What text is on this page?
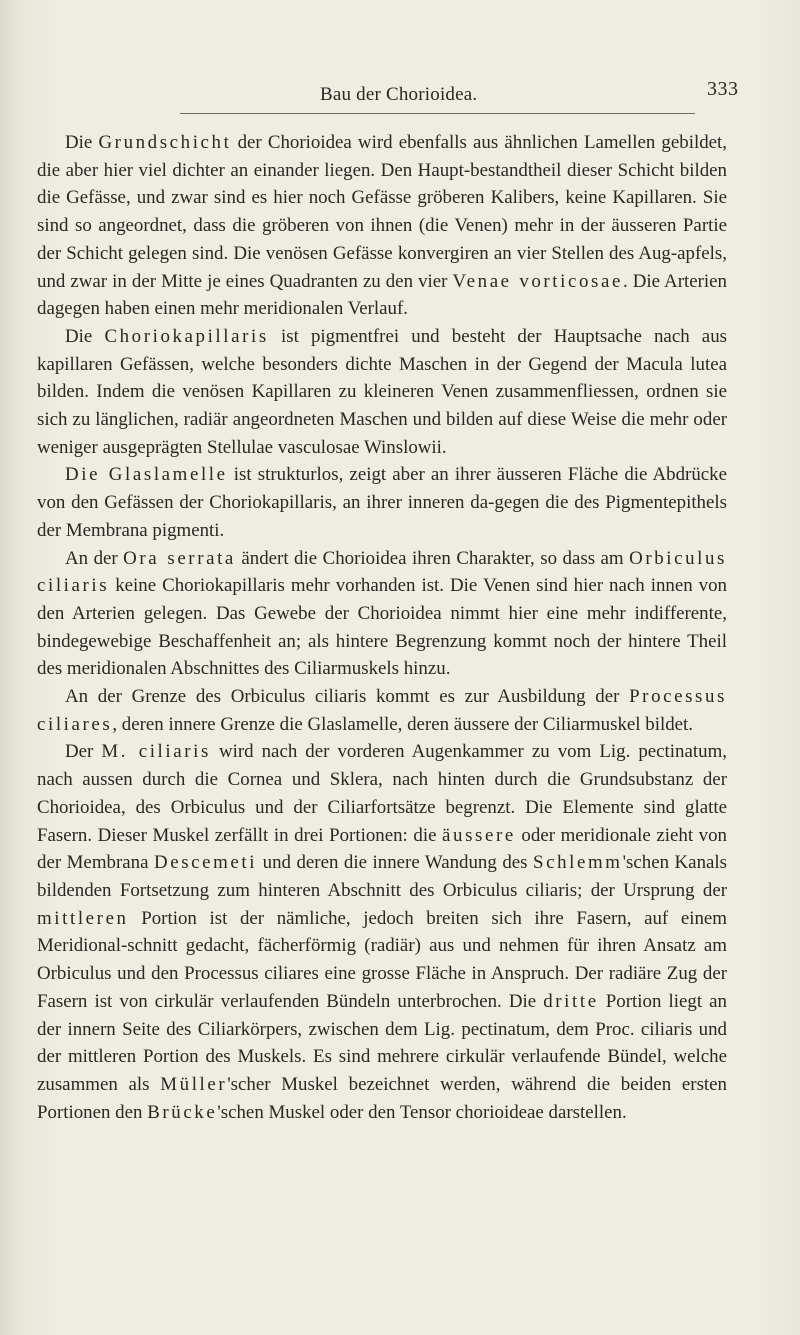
Bau der Chorioidea.	333

Die Grundschicht der Chorioidea wird ebenfalls aus ähnlichen Lamellen gebildet, die aber hier viel dichter an einander liegen. Den Haupt-bestandtheil dieser Schicht bilden die Gefässe, und zwar sind es hier noch Gefässe gröberen Kalibers, keine Kapillaren. Sie sind so angeordnet, dass die gröberen von ihnen (die Venen) mehr in der äusseren Partie der Schicht gelegen sind. Die venösen Gefässe konvergiren an vier Stellen des Aug-apfels, und zwar in der Mitte je eines Quadranten zu den vier Venae vorticosae. Die Arterien dagegen haben einen mehr meridionalen Verlauf.

Die Choriokapillaris ist pigmentfrei und besteht der Hauptsache nach aus kapillaren Gefässen, welche besonders dichte Maschen in der Gegend der Macula lutea bilden. Indem die venösen Kapillaren zu kleineren Venen zusammenfliessen, ordnen sie sich zu länglichen, radiär angeordneten Maschen und bilden auf diese Weise die mehr oder weniger ausgeprägten Stellulae vasculosae Winslowii.

Die Glaslamelle ist strukturlos, zeigt aber an ihrer äusseren Fläche die Abdrücke von den Gefässen der Choriokapillaris, an ihrer inneren da-gegen die des Pigmentepithels der Membrana pigmenti.

An der Ora serrata ändert die Chorioidea ihren Charakter, so dass am Orbiculus ciliaris keine Choriokapillaris mehr vorhanden ist. Die Venen sind hier nach innen von den Arterien gelegen. Das Gewebe der Chorioidea nimmt hier eine mehr indifferente, bindegewebige Beschaffenheit an; als hintere Begrenzung kommt noch der hintere Theil des meridionalen Abschnittes des Ciliarmuskels hinzu.

An der Grenze des Orbiculus ciliaris kommt es zur Ausbildung der Processus ciliares, deren innere Grenze die Glaslamelle, deren äussere der Ciliarmuskel bildet.

Der M. ciliaris wird nach der vorderen Augenkammer zu vom Lig. pectinatum, nach aussen durch die Cornea und Sklera, nach hinten durch die Grundsubstanz der Chorioidea, des Orbiculus und der Ciliarfortsätze begrenzt. Die Elemente sind glatte Fasern. Dieser Muskel zerfällt in drei Portionen: die äussere oder meridionale zieht von der Membrana Descemeti und deren die innere Wandung des Schlemm'schen Kanals bildenden Fortsetzung zum hinteren Abschnitt des Orbiculus ciliaris; der Ursprung der mittleren Portion ist der nämliche, jedoch breiten sich ihre Fasern, auf einem Meridional-schnitt gedacht, fächerförmig (radiär) aus und nehmen für ihren Ansatz am Orbiculus und den Processus ciliares eine grosse Fläche in Anspruch. Der radiäre Zug der Fasern ist von cirkulär verlaufenden Bündeln unterbrochen. Die dritte Portion liegt an der innern Seite des Ciliarkörpers, zwischen dem Lig. pectinatum, dem Proc. ciliaris und der mittleren Portion des Muskels. Es sind mehrere cirkulär verlaufende Bündel, welche zusammen als Müller'scher Muskel bezeichnet werden, während die beiden ersten Portionen den Brücke'schen Muskel oder den Tensor chorioideae darstellen.
